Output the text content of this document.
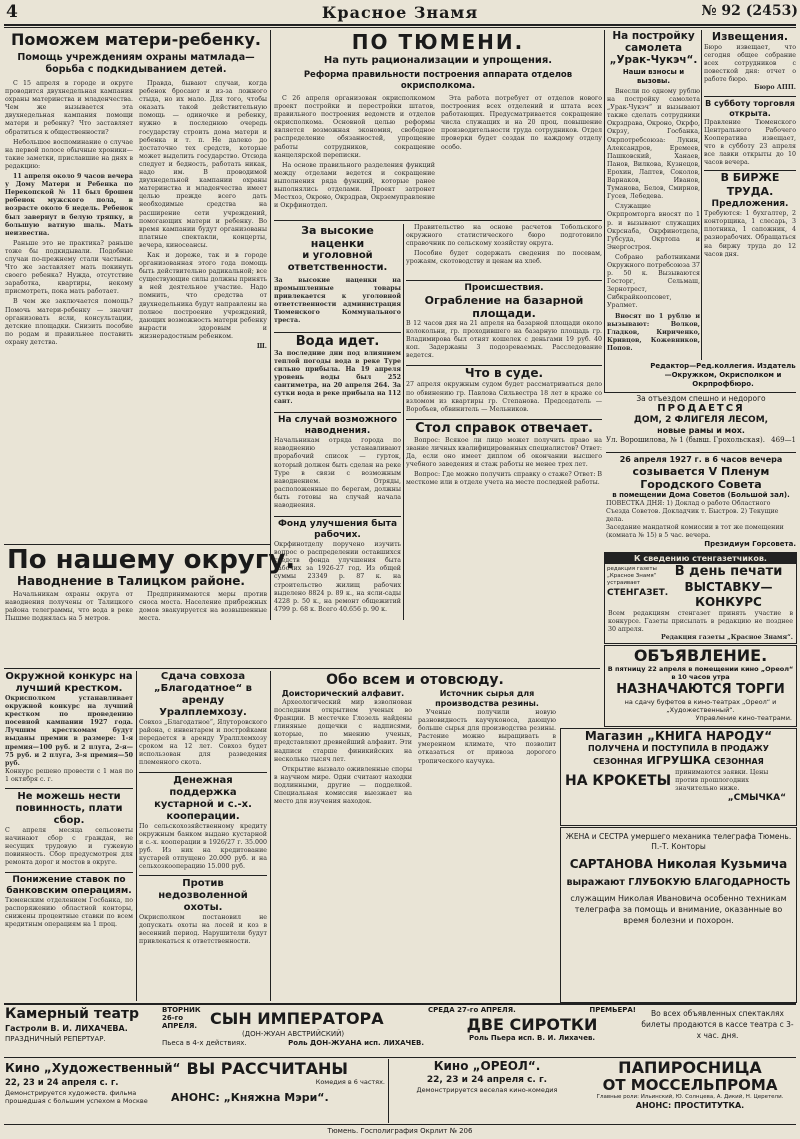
4	Красное Знамя	№ 92 (2453)
Поможем матери-ребенку.
Помощь учреждениям охраны матмлада—борьба с подкидыванием детей.

С 15 апреля в городе и округе проводится двухнедельная кампания охраны материнства и младенчества. Чем же вызывается эта двухнедельная кампания помощи матери и ребенку? Что заставляет обратиться к общественности?

Небольшое воспоминание о случае на первой полосе обычные хроники—такие заметки, приславшие на днях в редакцию:

11 апреля около 9 часов вечера у Дому Матери и Ребенка по Перекопской № 11 был брошен ребенок мужского пола, в возрасте около 6 недель. Ребенок был завернут в белую тряпку, в большую ватную шаль. Мать неизвестна.

Раньше это не практика? раньше тоже бы подкидывали. Подобные случаи по-прежнему стали частыми. Что же заставляет мать покинуть своего ребенка? Нужда, отсутствие заработка, квартиры, некому присмотреть, пока мать работает.

В чем же заключается помощь? Помочь матери-ребенку — значит организовать ясли, консультации, детские площадки. Снизить пособие по родам и правильнее поставить охрану детства.

Правда, бывают случаи, когда ребенок бросают и из-за ложного стыда, но их мало. Для того, чтобы оказать такой действительную помощь — одиночке и ребенку, нужно в последнюю очередь государству строить дома матери и ребенка и т. п. Не далеко до достаточно тех средств, которые может выделить государство. Отсюда следует и бедность, работать никак, надо им. В проводимой двухнедельной кампании охраны материнства и младенчества имеет целью прежде всего дать необходимые средства на расширение сети учреждений, помогающих матери и ребенку. Во время кампании будут организованы платные спектакли, концерты, вечера, киносеансы.

Как и дореже, так и в городе организованная этого года помощь быть действительно радикальной; все существующие силы должны принять в ней деятельное участие. Надо помнить, что средства от двухнедельника будут направлены на полное построение учреждений, дающих возможность матери ребенку вырасти здоровым и жизнерадостным ребенком.

Ш.

ПО ТЮМЕНИ.
На путь рационализации и упрощения.
Реформа правильности построения аппарата отделов окрисполкома.

С 26 апреля организован окрисполкомом проект постройки и перестройки штатов, правильного построения ведомств и отделов окрисполкома. Основной целью реформы является возможная экономия, свободное распределение обязанностей, упрощение работы сотрудников, сокращение канцелярской переписки.

На основе правильного разделения функций между отделами ведется и сокращение выполнения ряда функций, которые ранее выполнялись отделами. Проект затронет Местхоз, Окроно, Окрздрав, Окрземуправление и Окрфинотдел.

Эта работа потребует от отделов нового построения всех отделений и штата всех работающих. Предусматривается сокращение числа служащих и на 20 проц. повышение производительности труда сотрудников. Отдел проверки будет создан по каждому отделу особо.

За высокие наценки
и уголовной ответственности.
За высокие наценки на промышленные товары привлекается к уголовной ответственности администрация Тюменского Коммунального треста.
Вода идет.
За последние дни под влиянием теплой погоды вода в реке Туре сильно прибыла. На 19 апреля уровень воды был 252 сантиметра, на 20 апреля 264. За сутки вода в реке прибыла на 112 сант.
На случай возможного наводнения.
Начальникам отряда города по наводнению устанавливают прорабочий список — гурток, который должен быть сделан на реке Туре в связи с возможным наводнением. Отряды, расположенные по берегам, должны быть готовы на случай начала наводнения.
Фонд улучшения быта рабочих.
Окрфинотделу поручено изучить вопрос о распределении оставшихся средств фонда улучшения быта рабочих за 1926-27 год. Из общей суммы 23349 р. 87 к. на строительство жилищ рабочих выделено 8824 р. 89 к., на ясли-сады 4228 р. 50 к., на ремонт общежитий 4799 р. 68 к. Всего 40.656 р. 90 к.

Правительство на основе расчетов Тобольского окружного статистического бюро подготовило справочник по сельскому хозяйству округа.

Пособие будет содержать сведения по посевам, урожаям, скотоводству и ценам на хлеб.

Происшествия.
Ограбление на базарной площади.
В 12 часов дня на 21 апреля на базарной площади около колокольни, гр. проходившего на базарную площадь гр. Владимирова был отнят кошелек с деньгами 19 руб. 40 коп. Задержаны 3 подозреваемых. Расследование ведется.
Что в суде.
27 апреля окружным судом будет рассматриваться дело по обвинению гр. Павлова Сильвестра 18 лет в краже со взломом из квартиры гр. Степанова. Председатель — Воробьев, обвинитель — Мельников.
Стол справок отвечает.

Вопрос: Всякое ли лицо может получить право на звание личных квалифицированных специалистов? Ответ: Да, если оно имеет диплом об окончании высшего учебного заведения и стаж работы не менее трех лет.

Вопрос: Где можно получить справку о стаже? Ответ: В месткоме или в отделе учета на месте последней работы.

На постройку самолета „Урак-Чукэч“.
Наши взносы и вызовы.

Внесли по одному рублю на постройку самолета „Урак-Чукэч“ и вызывают также сделать сотрудники Окрздрава, Окроно, Окрфо, Окрзу, Госбанка, Окрпотребсоюза: Лукин, Александров, Еремеев, Пашковский, Ханаев, Панов, Вилкова, Кузнецов, Ерохин, Лаптев, Соколов, Варнаков, Иванов, Туманова, Белов, Смирнов, Гусев, Лебедева.

Служащие Окрпромторга вносят по 1 р. и вызывают служащих Окрснаба, Окрфинотдела, Губсуда, Окртопа и Энергостроя.

Собрано работниками Окружного потребсоюза 37 р. 50 к. Вызываются Госторг, Сельмаш, Зернотрест, Сибкрайкоопсовет, Уралмет.

Вносят по 1 рублю и вызывают: Волков, Гладков, Кириченко, Кривцов, Кожевников, Попов.

Извещения.
Бюро извещает, что сегодня общее собрание всех сотрудников с повесткой дня: отчет о работе бюро.
Бюро АПП.
В субботу торговля открыта.
Правление Тюменского Центрального Рабочего Кооператива извещает, что в субботу 23 апреля все лавки открыты до 10 часов вечера.
В БИРЖЕ ТРУДА.
Предложения.
Требуются: 1 бухгалтер, 2 конторщика, 1 слесарь, 3 плотника, 1 сапожник, 4 разнорабочих. Обращаться на биржу труда до 12 часов дня.
Редактор—Ред.коллегия. Издатель—Окружком, Окрисполком и Окрпрофбюро.
За отъездом спешно и недорого
ПРОДАЕТСЯ
ДОМ, 2 ФЛИГЕЛЯ ЛЕСОМ,
новые рамы и мох.
Ул. Ворошилова, № 1 (бывш. Грохольская). 469—1
26 апреля 1927 г. в 6 часов вечера
созывается V Пленум Городского Совета
в помещении Дома Советов (Большой зал).
ПОВЕСТКА ДНЯ: 1) Доклад о работе Областного Съезда Советов. Докладчик т. Быстров. 2) Текущие дела.
Заседание мандатной комиссии в тот же помещении (комната № 15) в 5 час. вечера.
Президиум Горсовета.
К сведению стенгазетчиков.
редакция газеты „Красное Знамя“ устраивает
СТЕНГАЗЕТ.
В день печати
ВЫСТАВКУ—КОНКУРС
Всем редакциям стенгазет принять участие в конкурсе. Газеты присылать в редакцию не позднее 30 апреля.
Редакция газеты „Красное Знамя“.
ОБЪЯВЛЕНИЕ.
В пятницу 22 апреля в помещении кино „Ореол“ в 10 часов утра
НАЗНАЧАЮТСЯ ТОРГИ
на сдачу буфетов в кино-театрах „Ореол“ и „Художественный“.
Управление кино-театрами.
Магазин „КНИГА НАРОДУ“
ПОЛУЧЕНА И ПОСТУПИЛА В ПРОДАЖУ
СЕЗОННАЯ ИГРУШКА СЕЗОННАЯ
НА КРОКЕТЫ
принимаются заявки. Цены против прошлогодних значительно ниже.
„СМЫЧКА“
ЖЕНА и СЕСТРА умершего механика телеграфа Тюмень. П.-Т. Конторы
САРТАНОВА Николая Кузьмича
выражают ГЛУБОКУЮ БЛАГОДАРНОСТЬ
служащим Николая Ивановича особенно техникам телеграфа за помощь и внимание, оказанные во время болезни и похорон.
По нашему округу.
Наводнение в Талицком районе.

Начальникам охраны округа от наводнения получены от Талицкого района телеграммы, что вода в реке Пышме поднялась на 5 метров.

Предпринимаются меры против сноса моста. Население прибрежных домов эвакуируется на возвышенные места.

Окружной конкурс на лучший крестком.
Окрисполком устанавливает окружной конкурс на лучший крестком по проведению посевной кампании 1927 года. Лучшим кресткомам будут выданы премии в размере: 1-я премия—100 руб. и 2 плуга, 2-я—75 руб. и 2 плуга, 3-я премия—50 руб.
Конкурс решено провести с 1 мая по 1 октября с. г.
Не можешь нести повинность, плати сбор.
С апреля месяца сельсоветы начинают сбор с граждан, не несущих трудовую и гужевую повинность. Сбор предусмотрен для ремонта дорог и мостов в округе.
Понижение ставок по банковским операциям.
Тюменским отделением Госбанка, по распоряжению областной конторы, снижены процентные ставки по всем кредитным операциям на 1 проц.
Сдача совхоза „Благодатное“ в аренду Уралплемхозу.
Совхоз „Благодатное“, Ялуторовского района, с инвентарем и постройками передается в аренду Уралплемхозу сроком на 12 лет. Совхоз будет использован для разведения племенного скота.
Денежная поддержка кустарной и с.-х. кооперации.
По сельскохозяйственному кредиту окружным банком выдано кустарной и с.-х. кооперации в 1926/27 г. 35.000 руб. Из них на кредитование кустарей отпущено 20.000 руб. и на сельхозкооперацию 15.000 руб.
Против недозволенной охоты.
Окрисполком постановил не допускать охоты на лосей и коз в весенний период. Нарушители будут привлекаться к ответственности.
Обо всем и отовсюду.
Доисторический алфавит.

Археологический мир взволнован последним открытием ученых во Франции. В местечке Глозель найдены глиняные дощечки с надписями, которые, по мнению ученых, представляют древнейший алфавит. Эти надписи старше финикийских на несколько тысяч лет.

Открытие вызвало оживленные споры в научном мире. Одни считают находки подлинными, другие — подделкой. Специальная комиссия выезжает на место для изучения находок.

Источник сырья для производства резины.

Ученые получили новую разновидность каучуконоса, дающую больше сырья для производства резины. Растение можно выращивать в умеренном климате, что позволит отказаться от привоза дорогого тропического каучука.

Камерный театр
Гастроли В. И. ЛИХАЧЕВА.
ПРАЗДНИЧНЫЙ РЕПЕРТУАР.
ВТОРНИК 26-го АПРЕЛЯ. СЫН ИМПЕРАТОРА
(ДОН-ЖУАН АВСТРИЙСКИЙ)
Пьеса в 4-х действиях.	Роль ДОН-ЖУАНА исп. ЛИХАЧЕВ.
СРЕДА 27-го АПРЕЛЯ.	ПРЕМЬЕРА!
ДВЕ СИРОТКИ
Роль Пьера исп. В. И. Лихачев.
Во всех объявленных спектаклях билеты продаются в кассе театра с 3-х час. дня.
Кино „Художественный“ ВЫ РАССЧИТАНЫ
22, 23 и 24 апреля с. г.	Комедия в 6 частях.
Демонстрируется художеств. фильма прошедшая с большим успехом в Москве	АНОНС: „Княжна Мэри“.
Кино „ОРЕОЛ“.
22, 23 и 24 апреля с. г.
Демонстрируется веселая кино-комедия
ПАПИРОСНИЦА
ОТ МОССЕЛЬПРОМА
Главные роли: Ильинский, Ю. Солнцева, А. Дикий, Н. Церетели.
АНОНС: ПРОСТИТУТКА.
Тюмень. Госполиграфия Окрлит № 206
